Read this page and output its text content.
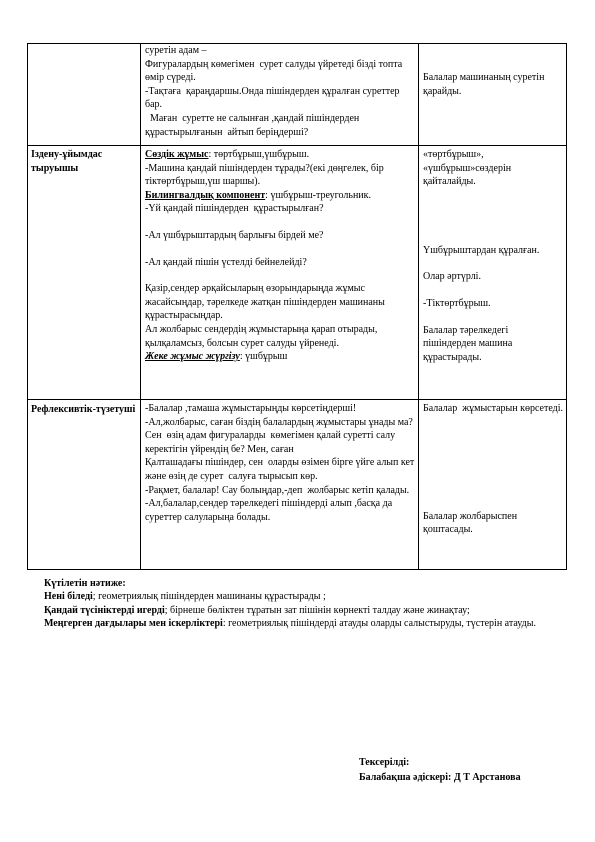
суретін адам –

Фигуралардың көмегімен  сурет салуды үйретеді бізді топта өмір сүреді.

-Тақтаға  қараңдаршы.Онда пішіндерден құралған суреттер бар.

Маған  суретте не салынған ,қандай пішіндерден құрастырылғанын  айтып беріңдерші?

Балалар машинаның суретін қарайды.
Іздену-ұйымдас тыруышы

Сөздік жұмыс: төртбұрыш,үшбұрыш.

-Машина қандай пішіндерден тұрады?(екі дөңгелек, бір тіктөртбұрыш,үш шаршы).

Билингвалдық компонент: үшбұрыш-треугольник.

-Үй қандай пішіндерден  құрастырылған?

-Ал үшбұрыштардың барлығы бірдей ме?

-Ал қандай пішін үстелді бейнелейді?

Қазір,сендер әрқайсыларың өзорындарыңда жұмыс жасайсыңдар, тәрелкеде жатқан пішіндерден машинаны құрастырасыңдар.

Ал жолбарыс сендердің жұмыстарыңа қарап отырады, қылқаламсыз, болсын сурет салуды үйренеді.

Жеке жұмыс жүргізу: үшбұрыш

«төртбұрыш», «үшбұрыш»сөздерін қайталайды.

Үшбұрыштардан құралған.

Олар әртүрлі.

-Тіктөртбұрыш.

Балалар тәрелкедегі пішіндерден машина құрастырады.

Рефлексивтік-түзетуші -Балалар ,тамаша жұмыстарыңды көрсетіңдерші!

-Ал,жолбарыс, саған біздің балалардың жұмыстары ұнады ма? Сен  өзің адам фигураларды  көмегімен қалай суретті салу керектігін үйрендің бе? Мен, саған

Қалташадағы пішіндер, сен  оларды өзімен бірге үйге алып кет және өзің де сурет  салуға тырысып көр.

-Рақмет, балалар! Сау болыңдар,-деп  жолбарыс кетіп қалады.

-Ал,балалар,сендер тәрелкедегі пішіндерді алып ,басқа да суреттер салуларыңа болады.

Балалар  жұмыстарын көрсетеді.

Балалар жолбарыспен қоштасады.

Күтілетін нәтиже:

Нені біледі; геометриялық пішіндерден машинаны құрастырады ;

Қандай түсініктерді игерді; бірнеше бөліктен тұратын зат пішінін көрнекті талдау және жинақтау;

Меңгерген дағдылары мен іскерліктері: геометриялық пішіндерді атауды оларды салыстыруды, түстерін атауды.

Тексерілді:

Балабақша әдіскері: Д Т Арстанова
